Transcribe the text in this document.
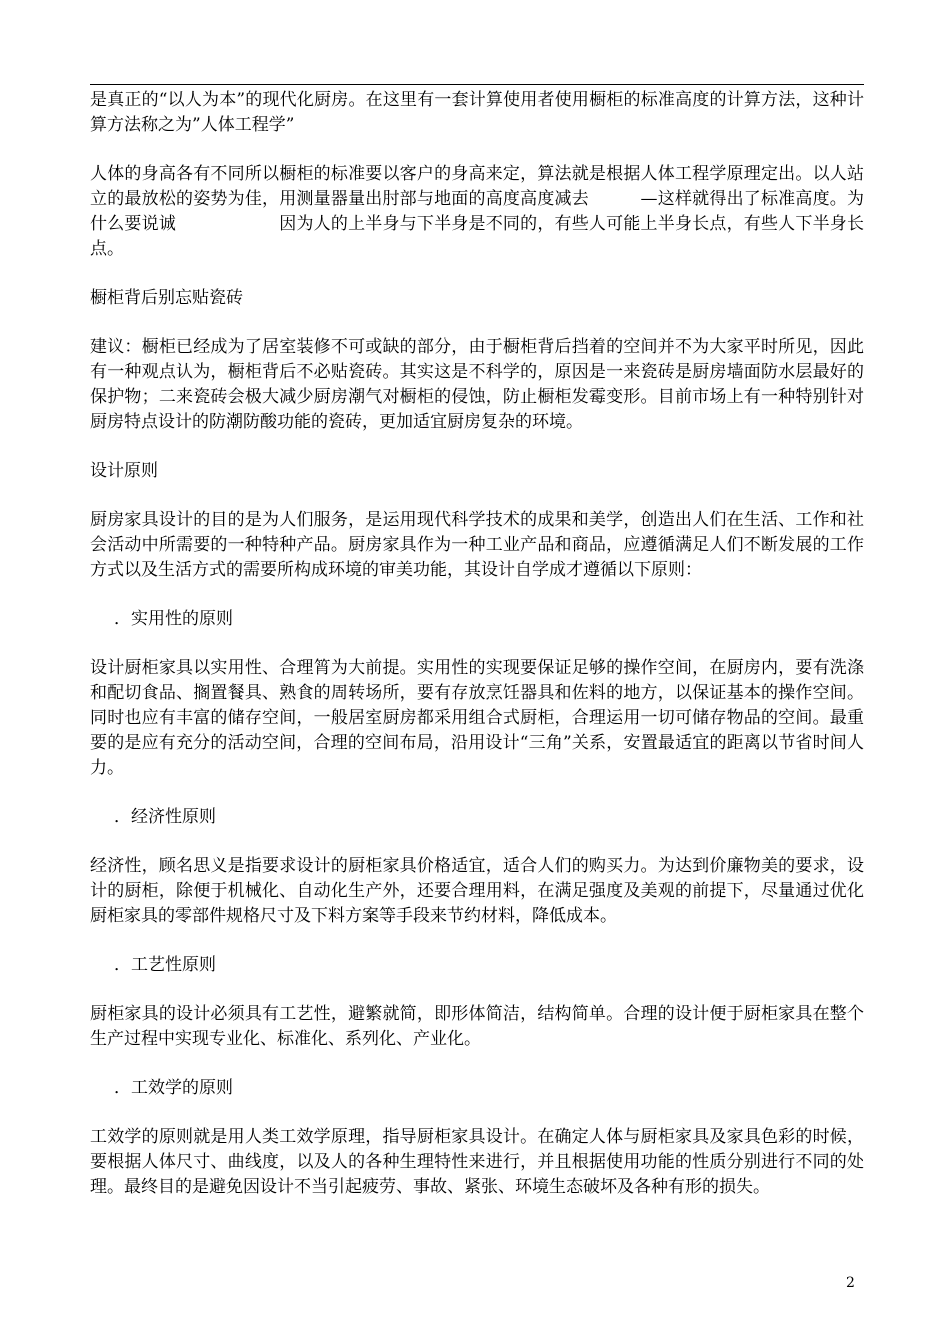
是真正的“以人为本”的现代化厨房。在这里有一套计算使用者使用橱柜的标准高度的计算方法，这种计算方法称之为”人体工程学”

人体的身高各有不同所以橱柜的标准要以客户的身高来定，算法就是根据人体工程学原理定出。以人站立的最放松的姿势为佳，用测量器量出肘部与地面的高度高度减去　　　—这样就得出了标准高度。为什么要说诚　　　　　　因为人的上半身与下半身是不同的，有些人可能上半身长点，有些人下半身长点。

橱柜背后别忘贴瓷砖

建议：橱柜已经成为了居室装修不可或缺的部分，由于橱柜背后挡着的空间并不为大家平时所见，因此有一种观点认为，橱柜背后不必贴瓷砖。其实这是不科学的，原因是一来瓷砖是厨房墙面防水层最好的保护物；二来瓷砖会极大减少厨房潮气对橱柜的侵蚀，防止橱柜发霉变形。目前市场上有一种特别针对厨房特点设计的防潮防酸功能的瓷砖，更加适宜厨房复杂的环境。

设计原则

厨房家具设计的目的是为人们服务，是运用现代科学技术的成果和美学，创造出人们在生活、工作和社会活动中所需要的一种特种产品。厨房家具作为一种工业产品和商品，应遵循满足人们不断发展的工作方式以及生活方式的需要所构成环境的审美功能，其设计自学成才遵循以下原则：

．实用性的原则

设计厨柜家具以实用性、合理筲为大前提。实用性的实现要保证足够的操作空间，在厨房内，要有洗涤和配切食品、搁置餐具、熟食的周转场所，要有存放烹饪器具和佐料的地方，以保证基本的操作空间。同时也应有丰富的储存空间，一般居室厨房都采用组合式厨柜，合理运用一切可储存物品的空间。最重要的是应有充分的活动空间，合理的空间布局，沿用设计“三角”关系，安置最适宜的距离以节省时间人力。

．经济性原则

经济性，顾名思义是指要求设计的厨柜家具价格适宜，适合人们的购买力。为达到价廉物美的要求，设计的厨柜，除便于机械化、自动化生产外，还要合理用料，在满足强度及美观的前提下，尽量通过优化厨柜家具的零部件规格尺寸及下料方案等手段来节约材料，降低成本。

．工艺性原则

厨柜家具的设计必须具有工艺性，避繁就简，即形体简洁，结构简单。合理的设计便于厨柜家具在整个生产过程中实现专业化、标准化、系列化、产业化。

．工效学的原则

工效学的原则就是用人类工效学原理，指导厨柜家具设计。在确定人体与厨柜家具及家具色彩的时候，要根据人体尺寸、曲线度，以及人的各种生理特性来进行，并且根据使用功能的性质分别进行不同的处理。最终目的是避免因设计不当引起疲劳、事故、紧张、环境生态破坏及各种有形的损失。

2
